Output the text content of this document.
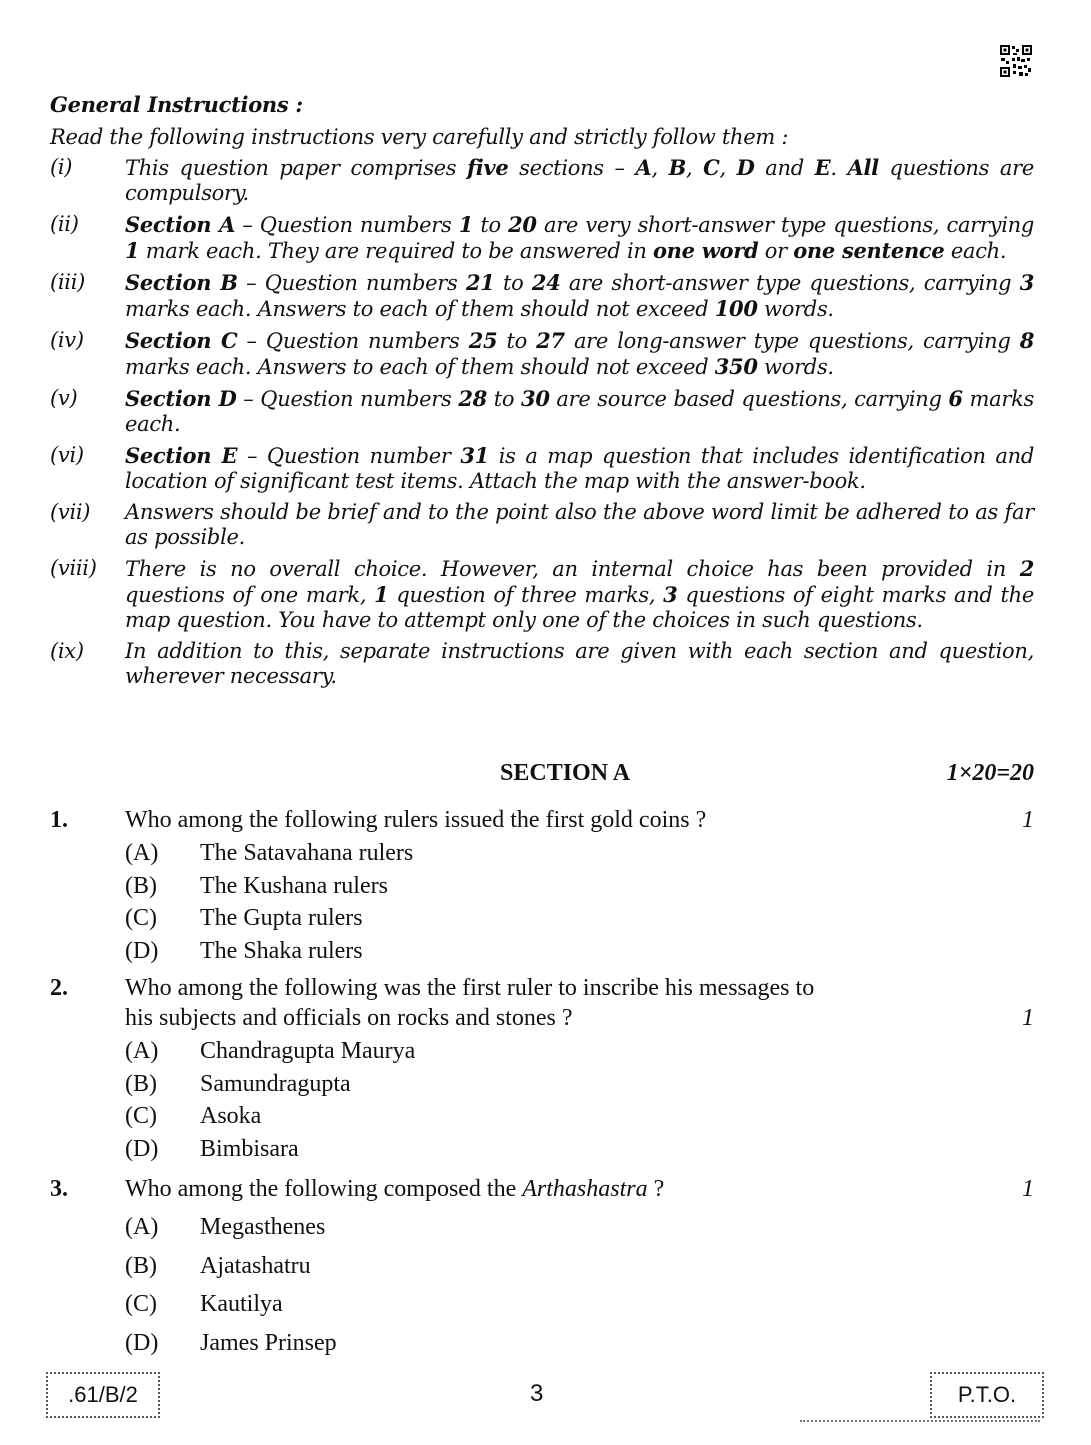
General Instructions :
Read the following instructions very carefully and strictly follow them :
(i)	This question paper comprises five sections – A, B, C, D and E. All questions are compulsory.
(ii)	Section A – Question numbers 1 to 20 are very short-answer type questions, carrying 1 mark each. They are required to be answered in one word or one sentence each.
(iii)	Section B – Question numbers 21 to 24 are short-answer type questions, carrying 3 marks each. Answers to each of them should not exceed 100 words.
(iv)	Section C – Question numbers 25 to 27 are long-answer type questions, carrying 8 marks each. Answers to each of them should not exceed 350 words.
(v)	Section D – Question numbers 28 to 30 are source based questions, carrying 6 marks each.
(vi)	Section E – Question number 31 is a map question that includes identification and location of significant test items. Attach the map with the answer-book.
(vii)	Answers should be brief and to the point also the above word limit be adhered to as far as possible.
(viii)	There is no overall choice. However, an internal choice has been provided in 2 questions of one mark, 1 question of three marks, 3 questions of eight marks and the map question. You have to attempt only one of the choices in such questions.
(ix)	In addition to this, separate instructions are given with each section and question, wherever necessary.
SECTION A	1×20=20
1.	Who among the following rulers issued the first gold coins ?	1
(A)	The Satavahana rulers
(B)	The Kushana rulers
(C)	The Gupta rulers
(D)	The Shaka rulers
2.	Who among the following was the first ruler to inscribe his messages to
his subjects and officials on rocks and stones ?	1
(A)	Chandragupta Maurya
(B)	Samundragupta
(C)	Asoka
(D)	Bimbisara
3.	Who among the following composed the Arthashastra ?	1
(A)	Megasthenes
(B)	Ajatashatru
(C)	Kautilya
(D)	James Prinsep
.61/B/2	3	P.T.O.
